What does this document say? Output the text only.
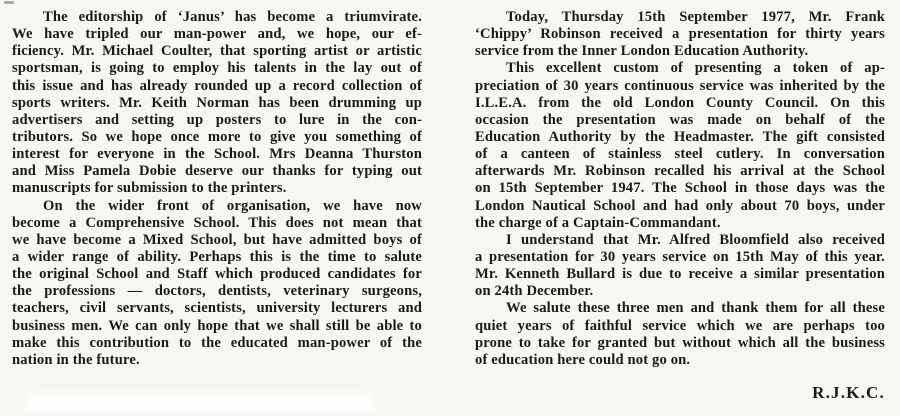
The editorship of ‘Janus’ has become a triumvirate.
We have tripled our man-power and, we hope, our ef-
ficiency. Mr. Michael Coulter, that sporting artist or artistic
sportsman, is going to employ his talents in the lay out of
this issue and has already rounded up a record collection of
sports writers. Mr. Keith Norman has been drumming up
advertisers and setting up posters to lure in the con-
tributors. So we hope once more to give you something of
interest for everyone in the School. Mrs Deanna Thurston
and Miss Pamela Dobie deserve our thanks for typing out
manuscripts for submission to the printers.
On the wider front of organisation, we have now
become a Comprehensive School. This does not mean that
we have become a Mixed School, but have admitted boys of
a wider range of ability. Perhaps this is the time to salute
the original School and Staff which produced candidates for
the professions — doctors, dentists, veterinary surgeons,
teachers, civil servants, scientists, university lecturers and
business men. We can only hope that we shall still be able to
make this contribution to the educated man-power of the
nation in the future.
Today, Thursday 15th September 1977, Mr. Frank
‘Chippy’ Robinson received a presentation for thirty years
service from the Inner London Education Authority.
This excellent custom of presenting a token of ap-
preciation of 30 years continuous service was inherited by the
I.L.E.A. from the old London County Council. On this
occasion the presentation was made on behalf of the
Education Authority by the Headmaster. The gift consisted
of a canteen of stainless steel cutlery. In conversation
afterwards Mr. Robinson recalled his arrival at the School
on 15th September 1947. The School in those days was the
London Nautical School and had only about 70 boys, under
the charge of a Captain-Commandant.
I understand that Mr. Alfred Bloomfield also received
a presentation for 30 years service on 15th May of this year.
Mr. Kenneth Bullard is due to receive a similar presentation
on 24th December.
We salute these three men and thank them for all these
quiet years of faithful service which we are perhaps too
prone to take for granted but without which all the business
of education here could not go on.
R.J.K.C.
